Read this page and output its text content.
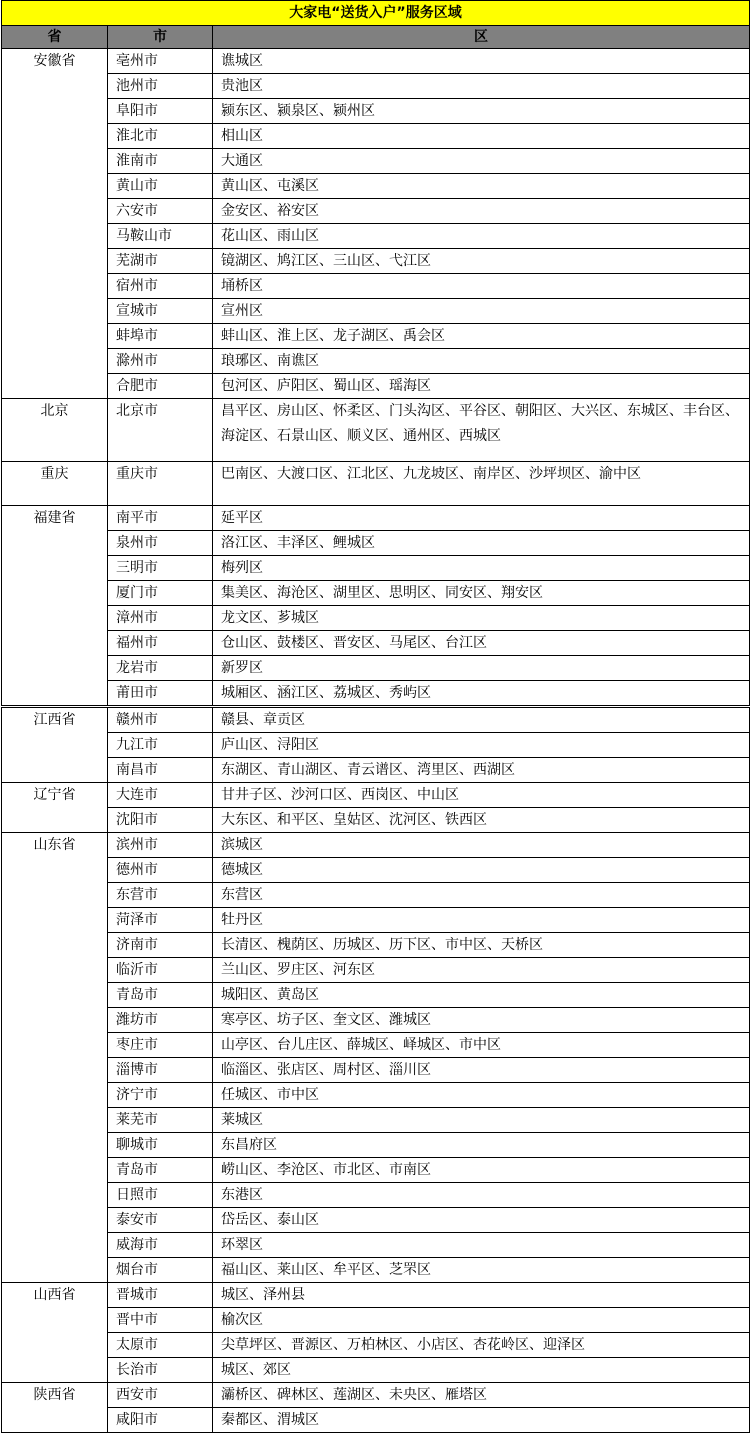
大家电“送货入户”服务区域		
省	市	区
安徽省	亳州市	谯城区
	池州市	贵池区
	阜阳市	颍东区、颍泉区、颍州区
	淮北市	相山区
	淮南市	大通区
	黄山市	黄山区、屯溪区
	六安市	金安区、裕安区
	马鞍山市	花山区、雨山区
	芜湖市	镜湖区、鸠江区、三山区、弋江区
	宿州市	埇桥区
	宣城市	宣州区
	蚌埠市	蚌山区、淮上区、龙子湖区、禹会区
	滁州市	琅琊区、南谯区
	合肥市	包河区、庐阳区、蜀山区、瑶海区
北京	北京市	昌平区、房山区、怀柔区、门头沟区、平谷区、朝阳区、大兴区、东城区、丰台区、海淀区、石景山区、顺义区、通州区、西城区
重庆	重庆市	巴南区、大渡口区、江北区、九龙坡区、南岸区、沙坪坝区、渝中区
福建省	南平市	延平区
	泉州市	洛江区、丰泽区、鲤城区
	三明市	梅列区
	厦门市	集美区、海沧区、湖里区、思明区、同安区、翔安区
	漳州市	龙文区、芗城区
	福州市	仓山区、鼓楼区、晋安区、马尾区、台江区
	龙岩市	新罗区
	莆田市	城厢区、涵江区、荔城区、秀屿区
江西省	赣州市	赣县、章贡区
	九江市	庐山区、浔阳区
	南昌市	东湖区、青山湖区、青云谱区、湾里区、西湖区
辽宁省	大连市	甘井子区、沙河口区、西岗区、中山区
	沈阳市	大东区、和平区、皇姑区、沈河区、铁西区
山东省	滨州市	滨城区
	德州市	德城区
	东营市	东营区
	菏泽市	牡丹区
	济南市	长清区、槐荫区、历城区、历下区、市中区、天桥区
	临沂市	兰山区、罗庄区、河东区
	青岛市	城阳区、黄岛区
	潍坊市	寒亭区、坊子区、奎文区、潍城区
	枣庄市	山亭区、台儿庄区、薛城区、峄城区、市中区
	淄博市	临淄区、张店区、周村区、淄川区
	济宁市	任城区、市中区
	莱芜市	莱城区
	聊城市	东昌府区
	青岛市	崂山区、李沧区、市北区、市南区
	日照市	东港区
	泰安市	岱岳区、泰山区
	威海市	环翠区
	烟台市	福山区、莱山区、牟平区、芝罘区
山西省	晋城市	城区、泽州县
	晋中市	榆次区
	太原市	尖草坪区、晋源区、万柏林区、小店区、杏花岭区、迎泽区
	长治市	城区、郊区
陕西省	西安市	灞桥区、碑林区、莲湖区、未央区、雁塔区
	咸阳市	秦都区、渭城区
